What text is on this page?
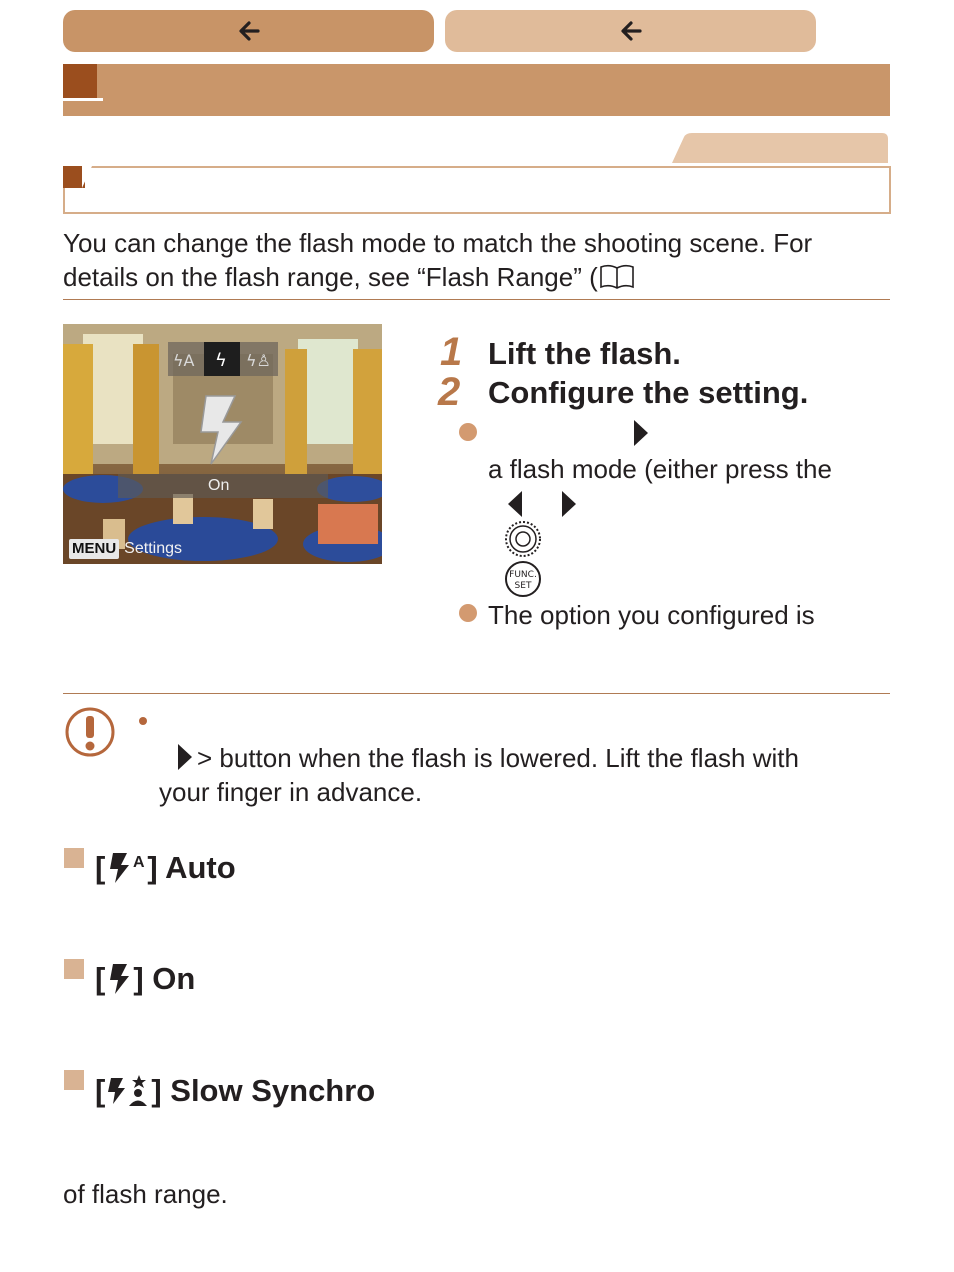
You can change the flash mode to match the shooting scene. For
details on the flash range, see “Flash Range” (
ϟA ϟ ϟ♙
On
MENU Settings
1 Lift the flash.
2 Configure the setting.
a flash mode (either press the
FUNC.
SET
The option you configured is
> button when the flash is lowered. Lift the flash with
your finger in advance.
[ A ] Auto
[ ] On
[ ] Slow Synchro
of flash range.
